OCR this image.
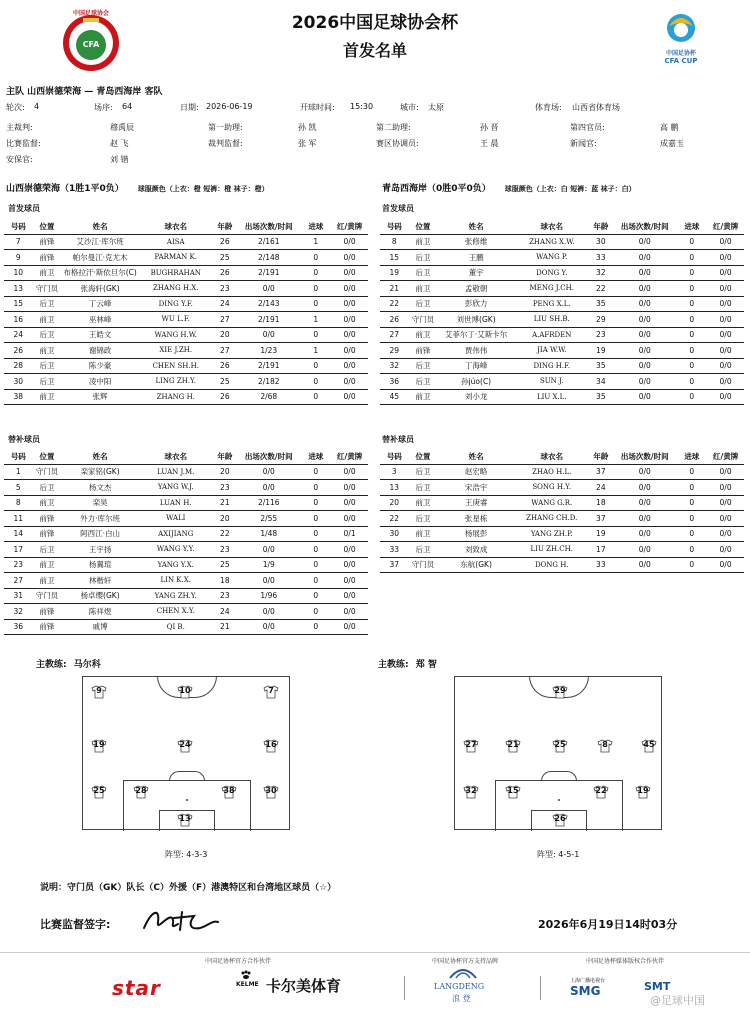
中国足球协会
CFA
2026中国足球协会杯
首发名单	中国足协杯
CFA CUP
主队 山西崇德荣海 — 青岛西海岸 客队
轮次: 4	场序: 64	日期: 2026-06-19	开球时间: 15:30	城市: 太原	体育场: 山西省体育场
主裁判:	穆禹辰	第一助理:	孙 凯	第二助理:	孙 晋	第四官员:	高 鹏
比赛监督:	赵 飞	裁判监督:	张 军	赛区协调员:	王 晨	新闻官:	成嘉玉
安保官:	刘 锴
山西崇德荣海（1胜1平0负） 球服颜色（上衣：橙 短裤：橙 袜子：橙）	青岛西海岸（0胜0平0负） 球服颜色（上衣：白 短裤：蓝 袜子：白）
首发球员	首发球员
号码	位置	姓名	球衣名	年龄	出场次数/时间	进球	红/黄牌
7	前锋	艾沙江·库尔班	AISA	26	2/161	1	0/0
9	前锋	帕尔曼江·克尤木	PARMAN K.	25	2/148	0	0/0
10	前卫	布格拉汗·斯依旦尔(C)	BUGHRAHAN	26	2/191	0	0/0
13	守门员	张海轩(GK)	ZHANG H.X.	23	0/0	0	0/0
15	后卫	丁云峰	DING Y.F.	24	2/143	0	0/0
16	前卫	巫林峰	WU L.F.	27	2/191	1	0/0
24	后卫	王皓文	WANG H.W.	20	0/0	0	0/0
26	前卫	谢锦政	XIE J.ZH.	27	1/23	1	0/0
28	后卫	陈少豪	CHEN SH.H.	26	2/191	0	0/0
30	后卫	凌中阳	LING ZH.Y.	25	2/182	0	0/0
38	前卫	张辉	ZHANG H.	26	2/68	0	0/0
号码	位置	姓名	球衣名	年龄	出场次数/时间	进球	红/黄牌
8	前卫	张修维	ZHANG X.W.	30	0/0	0	0/0
15	后卫	王鹏	WANG P.	33	0/0	0	0/0
19	后卫	董宇	DONG Y.	32	0/0	0	0/0
21	前卫	孟敬朝	MENG J.CH.	22	0/0	0	0/0
22	后卫	彭欣力	PENG X.L.	35	0/0	0	0/0
26	守门员	刘世博(GK)	LIU SH.B.	29	0/0	0	0/0
27	前卫	艾菲尔丁·艾斯卡尔	A.AFRDEN	23	0/0	0	0/0
29	前锋	贾伟伟	JIA W.W.	19	0/0	0	0/0
32	后卫	丁海峰	DING H.F.	35	0/0	0	0/0
36	后卫	孙júo(C)	SUN J.	34	0/0	0	0/0
45	前卫	刘小龙	LIU X.L.	35	0/0	0	0/0
替补球员	替补球员
号码	位置	姓名	球衣名	年龄	出场次数/时间	进球	红/黄牌
1	守门员	栾家铭(GK)	LUAN J.M.	20	0/0	0	0/0
5	后卫	杨文杰	YANG W.J.	23	0/0	0	0/0
8	前卫	栾昊	LUAN H.	21	2/116	0	0/0
11	前锋	外力·库尔班	WALI	20	2/55	0	0/0
14	前锋	阿西江·白山	AXIJIANG	22	1/48	0	0/1
17	后卫	王宇扬	WANG Y.Y.	23	0/0	0	0/0
23	前卫	杨翼瑄	YANG Y.X.	25	1/9	0	0/0
27	前卫	林楷轩	LIN K.X.	18	0/0	0	0/0
31	守门员	杨卓缨(GK)	YANG ZH.Y.	23	1/96	0	0/0
32	前锋	陈祥煜	CHEN X.Y.	24	0/0	0	0/0
36	前锋	戚博	QI B.	21	0/0	0	0/0
号码	位置	姓名	球衣名	年龄	出场次数/时间	进球	红/黄牌
3	后卫	赵宏略	ZHAO H.L.	37	0/0	0	0/0
13	后卫	宋浩宇	SONG H.Y.	24	0/0	0	0/0
20	前卫	王庚睿	WANG G.R.	18	0/0	0	0/0
22	后卫	张星栋	ZHANG CH.D.	37	0/0	0	0/0
30	前卫	杨展彭	YANG ZH.P.	19	0/0	0	0/0
33	后卫	刘致成	LIU ZH.CH.	17	0/0	0	0/0
37	守门员	东航(GK)	DONG H.	33	0/0	0	0/0
主教练: 马尔科	主教练: 郑 智
9	10	7
19	24	16
25	28	38	30
13
29
27	21	25	8	45
32	15	22	19
26
阵型: 4-3-3	阵型: 4-5-1
说明：守门员（GK）队长（C）外援（F）港澳特区和台湾地区球员（☆）
比赛监督签字:	2026年6月19日14时03分
中国足协杯官方合作伙伴	中国足协杯官方支持品牌	中国足协杯媒体版权合作伙伴
star	KELME 卡尔美体育	LANGDENG
浪 登
上海广播电视台
SMG	SMT
@足球中国
